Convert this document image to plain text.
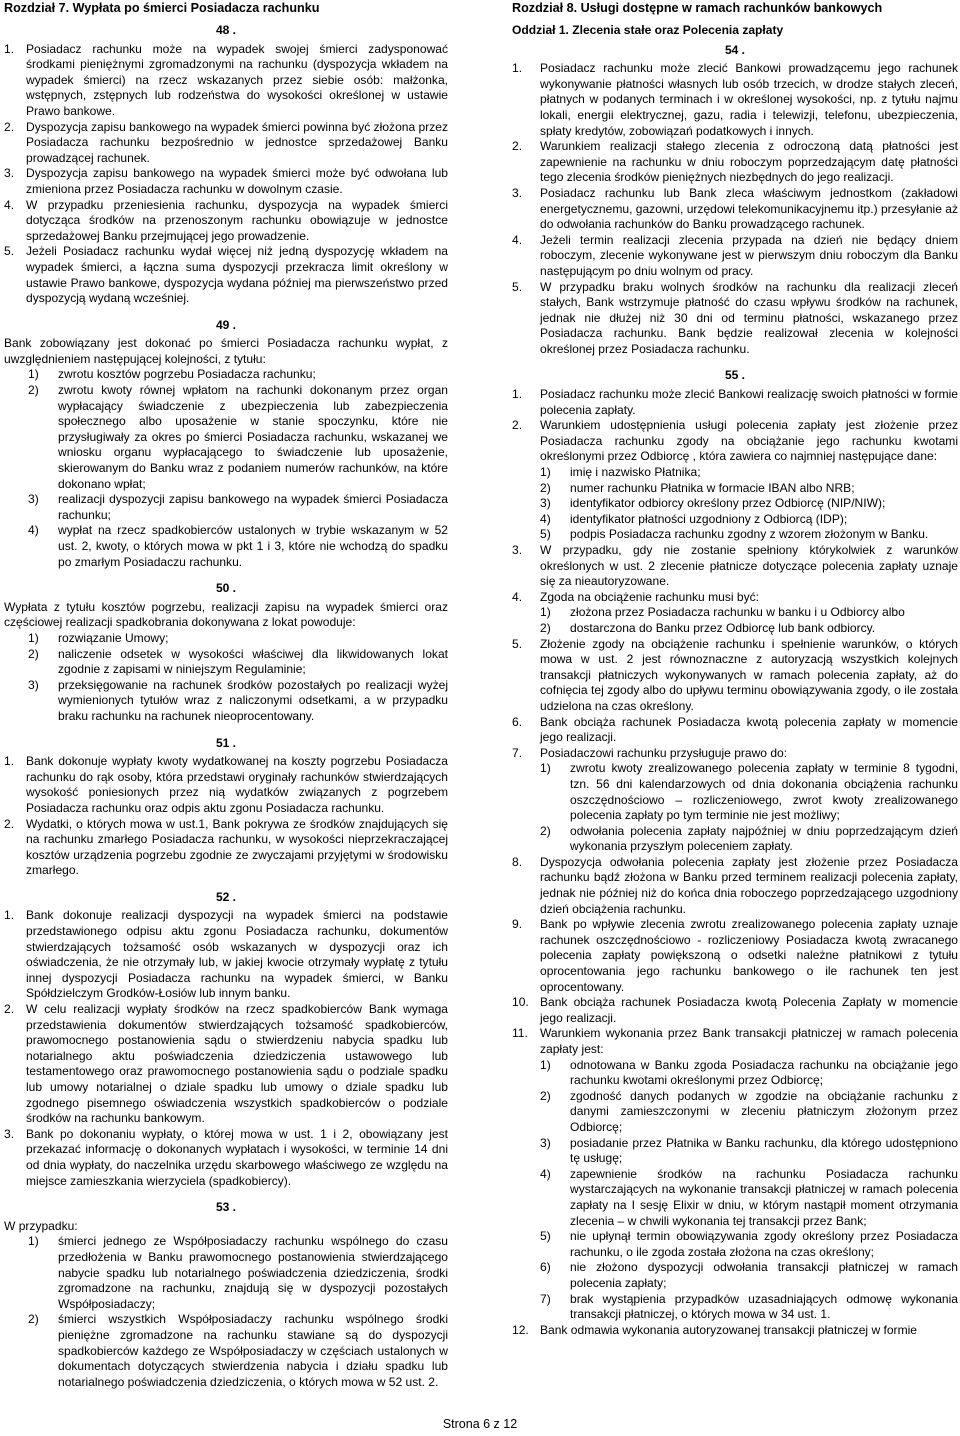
Rozdział 7. Wypłata po śmierci Posiadacza rachunku
48 .
1. Posiadacz rachunku może na wypadek swojej śmierci zadysponować środkami pieniężnymi zgromadzonymi na rachunku (dyspozycja wkładem na wypadek śmierci) na rzecz wskazanych przez siebie osób: małżonka, wstępnych, zstępnych lub rodzeństwa do wysokości określonej w ustawie Prawo bankowe.
2. Dyspozycja zapisu bankowego na wypadek śmierci powinna być złożona przez Posiadacza rachunku bezpośrednio w jednostce sprzedażowej Banku prowadzącej rachunek.
3. Dyspozycja zapisu bankowego na wypadek śmierci może być odwołana lub zmieniona przez Posiadacza rachunku w dowolnym czasie.
4. W przypadku przeniesienia rachunku, dyspozycja na wypadek śmierci dotycząca środków na przenoszonym rachunku obowiązuje w jednostce sprzedażowej Banku przejmującej jego prowadzenie.
5. Jeżeli Posiadacz rachunku wydał więcej niż jedną dyspozycję wkładem na wypadek śmierci, a łączna suma dyspozycji przekracza limit określony w ustawie Prawo bankowe, dyspozycja wydana później ma pierwszeństwo przed dyspozycją wydaną wcześniej.
49 .
Bank zobowiązany jest dokonać po śmierci Posiadacza rachunku wypłat, z uwzględnieniem następującej kolejności, z tytułu:
1)	zwrotu kosztów pogrzebu Posiadacza rachunku;
2)	zwrotu kwoty równej wpłatom na rachunki dokonanym przez organ wypłacający świadczenie z ubezpieczenia lub zabezpieczenia społecznego albo uposażenie w stanie spoczynku, które nie przysługiwały za okres po śmierci Posiadacza rachunku, wskazanej we wniosku organu wypłacającego to świadczenie lub uposażenie, skierowanym do Banku wraz z podaniem numerów rachunków, na które dokonano wpłat;
3)	realizacji dyspozycji zapisu bankowego na wypadek śmierci Posiadacza rachunku;
4)	wypłat na rzecz spadkobierców ustalonych w trybie wskazanym w 52 ust. 2, kwoty, o których mowa w pkt 1 i 3, które nie wchodzą do spadku po zmarłym Posiadaczu rachunku.
50 .
Wypłata z tytułu kosztów pogrzebu, realizacji zapisu na wypadek śmierci oraz częściowej realizacji spadkobrania dokonywana z lokat powoduje:
1)	rozwiązanie Umowy;
2)	naliczenie odsetek w wysokości właściwej dla likwidowanych lokat zgodnie z zapisami w niniejszym Regulaminie;
3)	przeksięgowanie na rachunek środków pozostałych po realizacji wyżej wymienionych tytułów wraz z naliczonymi odsetkami, a w przypadku braku rachunku na rachunek nieoprocentowany.
51 .
1. Bank dokonuje wypłaty kwoty wydatkowanej na koszty pogrzebu Posiadacza rachunku do rąk osoby, która przedstawi oryginały rachunków stwierdzających wysokość poniesionych przez nią wydatków związanych z pogrzebem Posiadacza rachunku oraz odpis aktu zgonu Posiadacza rachunku.
2. Wydatki, o których mowa w ust.1, Bank pokrywa ze środków znajdujących się na rachunku zmarłego Posiadacza rachunku, w wysokości nieprzekraczającej kosztów urządzenia pogrzebu zgodnie ze zwyczajami przyjętymi w środowisku zmarłego.
52 .
1. Bank dokonuje realizacji dyspozycji na wypadek śmierci na podstawie przedstawionego odpisu aktu zgonu Posiadacza rachunku, dokumentów stwierdzających tożsamość osób wskazanych w dyspozycji oraz ich oświadczenia, że nie otrzymały lub, w jakiej kwocie otrzymały wypłatę z tytułu innej dyspozycji Posiadacza rachunku na wypadek śmierci, w Banku Spółdzielczym Grodków-Łosiów lub innym banku.
2. W celu realizacji wypłaty środków na rzecz spadkobierców Bank wymaga przedstawienia dokumentów stwierdzających tożsamość spadkobierców, prawomocnego postanowienia sądu o stwierdzeniu nabycia spadku lub notarialnego aktu poświadczenia dziedziczenia ustawowego lub testamentowego oraz prawomocnego postanowienia sądu o podziale spadku lub umowy notarialnej o dziale spadku lub umowy o dziale spadku lub zgodnego pisemnego oświadczenia wszystkich spadkobierców o podziale środków na rachunku bankowym.
3. Bank po dokonaniu wypłaty, o której mowa w ust. 1 i 2, obowiązany jest przekazać informację o dokonanych wypłatach i wysokości, w terminie 14 dni od dnia wypłaty, do naczelnika urzędu skarbowego właściwego ze względu na miejsce zamieszkania wierzyciela (spadkobiercy).
53 .
W przypadku:
1)	śmierci jednego ze Współposiadaczy rachunku wspólnego do czasu przedłożenia w Banku prawomocnego postanowienia stwierdzającego nabycie spadku lub notarialnego poświadczenia dziedziczenia, środki zgromadzone na rachunku, znajdują się w dyspozycji pozostałych Współposiadaczy;
2)	śmierci wszystkich Współposiadaczy rachunku wspólnego środki pieniężne zgromadzone na rachunku stawiane są do dyspozycji spadkobierców każdego ze Współposiadaczy w częściach ustalonych w dokumentach dotyczących stwierdzenia nabycia i działu spadku lub notarialnego poświadczenia dziedziczenia, o których mowa w 52 ust. 2.
Rozdział 8. Usługi dostępne w ramach rachunków bankowych
Oddział 1. Zlecenia stałe oraz Polecenia zapłaty
54 .
1.	Posiadacz rachunku może zlecić Bankowi prowadzącemu jego rachunek wykonywanie płatności własnych lub osób trzecich, w drodze stałych zleceń, płatnych w podanych terminach i w określonej wysokości, np. z tytułu najmu lokali, energii elektrycznej, gazu, radia i telewizji, telefonu, ubezpieczenia, spłaty kredytów, zobowiązań podatkowych i innych.
2.	Warunkiem realizacji stałego zlecenia z odroczoną datą płatności jest zapewnienie na rachunku w dniu roboczym poprzedzającym datę płatności tego zlecenia środków pieniężnych niezbędnych do jego realizacji.
3.	Posiadacz rachunku lub Bank zleca właściwym jednostkom (zakładowi energetycznemu, gazowni, urzędowi telekomunikacyjnemu itp.) przesyłanie aż do odwołania rachunków do Banku prowadzącego rachunek.
4.	Jeżeli termin realizacji zlecenia przypada na dzień nie będący dniem roboczym, zlecenie wykonywane jest w pierwszym dniu roboczym dla Banku następującym po dniu wolnym od pracy.
5.	W przypadku braku wolnych środków na rachunku dla realizacji zleceń stałych, Bank wstrzymuje płatność do czasu wpływu środków na rachunek, jednak nie dłużej niż 30 dni od terminu płatności, wskazanego przez Posiadacza rachunku. Bank będzie realizował zlecenia w kolejności określonej przez Posiadacza rachunku.
55 .
1.	Posiadacz rachunku może zlecić Bankowi realizację swoich płatności w formie polecenia zapłaty.
2.	Warunkiem udostępnienia usługi polecenia zapłaty jest złożenie przez Posiadacza rachunku zgody na obciążanie jego rachunku kwotami określonymi przez Odbiorcę , która zawiera co najmniej następujące dane:
1)	imię i nazwisko Płatnika;
2)	numer rachunku Płatnika w formacie IBAN albo NRB;
3)	identyfikator odbiorcy określony przez Odbiorcę (NIP/NIW);
4)	identyfikator płatności uzgodniony z Odbiorcą (IDP);
5)	podpis Posiadacza rachunku zgodny z wzorem złożonym w Banku.
3.	W przypadku, gdy nie zostanie spełniony którykolwiek z warunków określonych w ust. 2 zlecenie płatnicze dotyczące polecenia zapłaty uznaje się za nieautoryzowane.
4.	Zgoda na obciążenie rachunku musi być:
1)	złożona przez Posiadacza rachunku w banku i u Odbiorcy albo
2)	dostarczona do Banku przez Odbiorcę lub bank odbiorcy.
5.	Złożenie zgody na obciążenie rachunku i spełnienie warunków, o których mowa w ust. 2 jest równoznaczne z autoryzacją wszystkich kolejnych transakcji płatniczych wykonywanych w ramach polecenia zapłaty, aż do cofnięcia tej zgody albo do upływu terminu obowiązywania zgody, o ile została udzielona na czas określony.
6.	Bank obciąża rachunek Posiadacza kwotą polecenia zapłaty w momencie jego realizacji.
7.	Posiadaczowi rachunku przysługuje prawo do:
1)	zwrotu kwoty zrealizowanego polecenia zapłaty w terminie 8 tygodni, tzn. 56 dni kalendarzowych od dnia dokonania obciążenia rachunku oszczędnościowo – rozliczeniowego, zwrot kwoty zrealizowanego polecenia zapłaty po tym terminie nie jest możliwy;
2)	odwołania polecenia zapłaty najpóźniej w dniu poprzedzającym dzień wykonania przyszłym poleceniem zapłaty.
8.	Dyspozycja odwołania polecenia zapłaty jest złożenie przez Posiadacza rachunku bądź złożona w Banku przed terminem realizacji polecenia zapłaty, jednak nie później niż do końca dnia roboczego poprzedzającego uzgodniony dzień obciążenia rachunku.
9.	Bank po wpływie zlecenia zwrotu zrealizowanego polecenia zapłaty uznaje rachunek oszczędnościowo - rozliczeniowy Posiadacza kwotą zwracanego polecenia zapłaty powiększoną o odsetki należne płatnikowi z tytułu oprocentowania jego rachunku bankowego o ile rachunek ten jest oprocentowany.
10. Bank obciąża rachunek Posiadacza kwotą Polecenia Zapłaty w momencie jego realizacji.
11.	Warunkiem wykonania przez Bank transakcji płatniczej w ramach polecenia zapłaty jest:
1)	odnotowana w Banku zgoda Posiadacza rachunku na obciążanie jego rachunku kwotami określonymi przez Odbiorcę;
2)	zgodność danych podanych w zgodzie na obciążanie rachunku z danymi zamieszczonymi w zleceniu płatniczym złożonym przez Odbiorcę;
3)	posiadanie przez Płatnika w Banku rachunku, dla którego udostępniono tę usługę;
4)	zapewnienie środków na rachunku Posiadacza rachunku wystarczających na wykonanie transakcji płatniczej w ramach polecenia zapłaty na I sesję Elixir w dniu, w którym nastąpił moment otrzymania zlecenia – w chwili wykonania tej transakcji przez Bank;
5)	nie upłynął termin obowiązywania zgody określony przez Posiadacza rachunku, o ile zgoda została złożona na czas określony;
6)	nie złożono dyspozycji odwołania transakcji płatniczej w ramach polecenia zapłaty;
7)	brak wystąpienia przypadków uzasadniających odmowę wykonania transakcji płatniczej, o których mowa w 34 ust. 1.
12. Bank odmawia wykonania autoryzowanej transakcji płatniczej w formie
Strona 6 z 12
